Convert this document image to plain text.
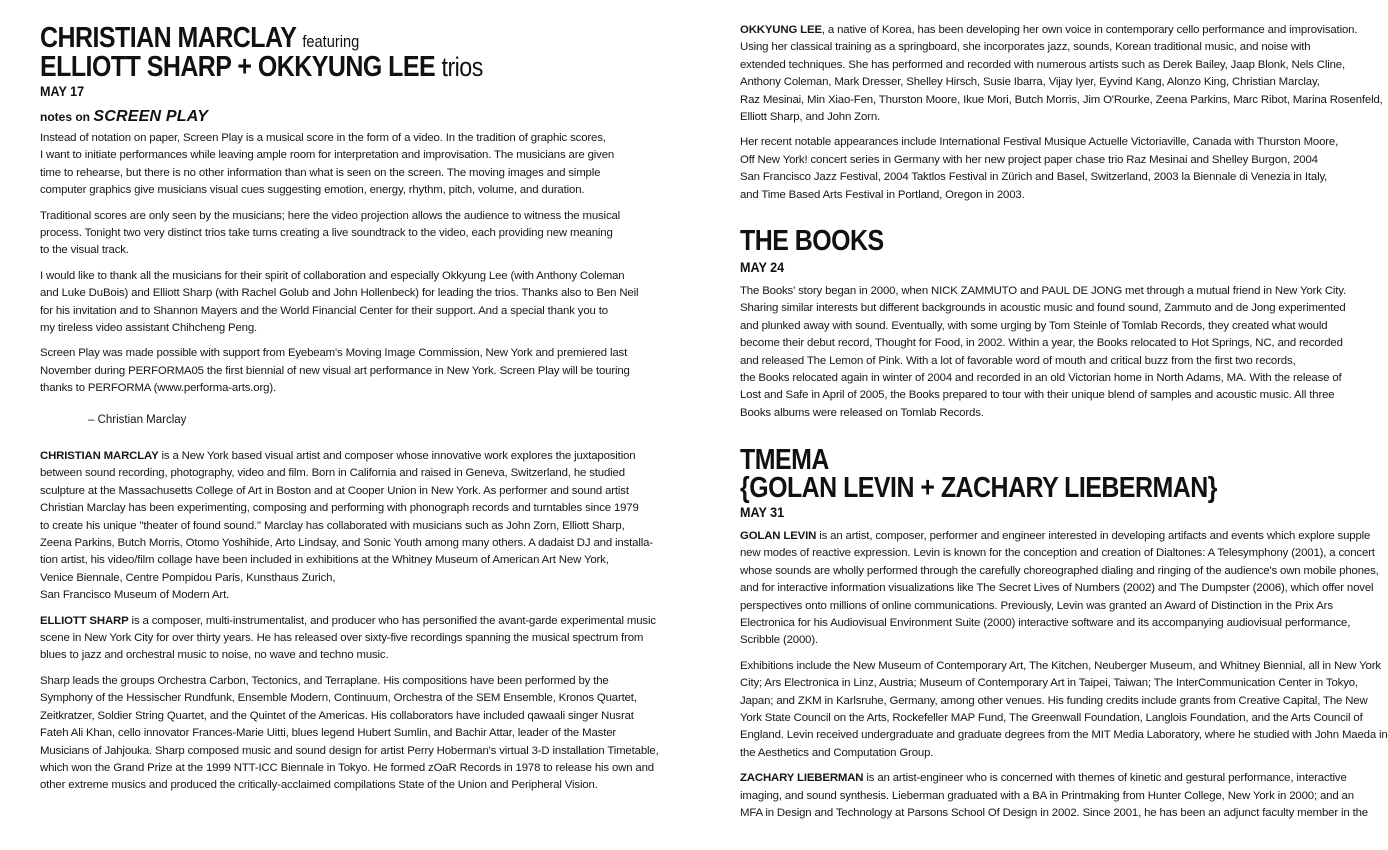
CHRISTIAN MARCLAY featuring
ELLIOTT SHARP + OKKYUNG LEE trios
MAY 17
notes on SCREEN PLAY
Instead of notation on paper, Screen Play is a musical score in the form of a video. In the tradition of graphic scores,
I want to initiate performances while leaving ample room for interpretation and improvisation. The musicians are given
time to rehearse, but there is no other information than what is seen on the screen. The moving images and simple
computer graphics give musicians visual cues suggesting emotion, energy, rhythm, pitch, volume, and duration.
Traditional scores are only seen by the musicians; here the video projection allows the audience to witness the musical
process. Tonight two very distinct trios take turns creating a live soundtrack to the video, each providing new meaning
to the visual track.
I would like to thank all the musicians for their spirit of collaboration and especially Okkyung Lee (with Anthony Coleman
and Luke DuBois) and Elliott Sharp (with Rachel Golub and John Hollenbeck) for leading the trios. Thanks also to Ben Neil
for his invitation and to Shannon Mayers and the World Financial Center for their support. And a special thank you to
my tireless video assistant Chihcheng Peng.
Screen Play was made possible with support from Eyebeam's Moving Image Commission, New York and premiered last
November during PERFORMA05 the first biennial of new visual art performance in New York. Screen Play will be touring
thanks to PERFORMA (www.performa-arts.org).
– Christian Marclay
CHRISTIAN MARCLAY is a New York based visual artist and composer whose innovative work explores the juxtaposition
between sound recording, photography, video and film. Born in California and raised in Geneva, Switzerland, he studied
sculpture at the Massachusetts College of Art in Boston and at Cooper Union in New York. As performer and sound artist
Christian Marclay has been experimenting, composing and performing with phonograph records and turntables since 1979
to create his unique "theater of found sound." Marclay has collaborated with musicians such as John Zorn, Elliott Sharp,
Zeena Parkins, Butch Morris, Otomo Yoshihide, Arto Lindsay, and Sonic Youth among many others. A dadaist DJ and installa-
tion artist, his video/film collage have been included in exhibitions at the Whitney Museum of American Art New York,
Venice Biennale, Centre Pompidou Paris, Kunsthaus Zurich,
San Francisco Museum of Modern Art.
ELLIOTT SHARP is a composer, multi-instrumentalist, and producer who has personified the avant-garde experimental music
scene in New York City for over thirty years. He has released over sixty-five recordings spanning the musical spectrum from
blues to jazz and orchestral music to noise, no wave and techno music.
Sharp leads the groups Orchestra Carbon, Tectonics, and Terraplane. His compositions have been performed by the
Symphony of the Hessischer Rundfunk, Ensemble Modern, Continuum, Orchestra of the SEM Ensemble, Kronos Quartet,
Zeitkratzer, Soldier String Quartet, and the Quintet of the Americas. His collaborators have included qawaali singer Nusrat
Fateh Ali Khan, cello innovator Frances-Marie Uitti, blues legend Hubert Sumlin, and Bachir Attar, leader of the Master
Musicians of Jahjouka. Sharp composed music and sound design for artist Perry Hoberman's virtual 3-D installation Timetable,
which won the Grand Prize at the 1999 NTT-ICC Biennale in Tokyo. He formed zOaR Records in 1978 to release his own and
other extreme musics and produced the critically-acclaimed compilations State of the Union and Peripheral Vision.
OKKYUNG LEE, a native of Korea, has been developing her own voice in contemporary cello performance and improvisation.
Using her classical training as a springboard, she incorporates jazz, sounds, Korean traditional music, and noise with
extended techniques. She has performed and recorded with numerous artists such as Derek Bailey, Jaap Blonk, Nels Cline,
Anthony Coleman, Mark Dresser, Shelley Hirsch, Susie Ibarra, Vijay Iyer, Eyvind Kang, Alonzo King, Christian Marclay,
Raz Mesinai, Min Xiao-Fen, Thurston Moore, Ikue Mori, Butch Morris, Jim O'Rourke, Zeena Parkins, Marc Ribot, Marina Rosenfeld,
Elliott Sharp, and John Zorn.
Her recent notable appearances include International Festival Musique Actuelle Victoriaville, Canada with Thurston Moore,
Off New York! concert series in Germany with her new project paper chase trio Raz Mesinai and Shelley Burgon, 2004
San Francisco Jazz Festival, 2004 Taktlos Festival in Zürich and Basel, Switzerland, 2003 la Biennale di Venezia in Italy,
and Time Based Arts Festival in Portland, Oregon in 2003.
THE BOOKS
MAY 24
The Books' story began in 2000, when NICK ZAMMUTO and PAUL DE JONG met through a mutual friend in New York City.
Sharing similar interests but different backgrounds in acoustic music and found sound, Zammuto and de Jong experimented
and plunked away with sound. Eventually, with some urging by Tom Steinle of Tomlab Records, they created what would
become their debut record, Thought for Food, in 2002. Within a year, the Books relocated to Hot Springs, NC, and recorded
and released The Lemon of Pink. With a lot of favorable word of mouth and critical buzz from the first two records,
the Books relocated again in winter of 2004 and recorded in an old Victorian home in North Adams, MA. With the release of
Lost and Safe in April of 2005, the Books prepared to tour with their unique blend of samples and acoustic music. All three
Books albums were released on Tomlab Records.
TMEMA
{GOLAN LEVIN + ZACHARY LIEBERMAN}
MAY 31
GOLAN LEVIN is an artist, composer, performer and engineer interested in developing artifacts and events which explore supple
new modes of reactive expression. Levin is known for the conception and creation of Dialtones: A Telesymphony (2001), a concert
whose sounds are wholly performed through the carefully choreographed dialing and ringing of the audience's own mobile phones,
and for interactive information visualizations like The Secret Lives of Numbers (2002) and The Dumpster (2006), which offer novel
perspectives onto millions of online communications. Previously, Levin was granted an Award of Distinction in the Prix Ars
Electronica for his Audiovisual Environment Suite (2000) interactive software and its accompanying audiovisual performance,
Scribble (2000).
Exhibitions include the New Museum of Contemporary Art, The Kitchen, Neuberger Museum, and Whitney Biennial, all in New York
City; Ars Electronica in Linz, Austria; Museum of Contemporary Art in Taipei, Taiwan; The InterCommunication Center in Tokyo,
Japan; and ZKM in Karlsruhe, Germany, among other venues. His funding credits include grants from Creative Capital, The New
York State Council on the Arts, Rockefeller MAP Fund, The Greenwall Foundation, Langlois Foundation, and the Arts Council of
England. Levin received undergraduate and graduate degrees from the MIT Media Laboratory, where he studied with John Maeda in
the Aesthetics and Computation Group.
ZACHARY LIEBERMAN is an artist-engineer who is concerned with themes of kinetic and gestural performance, interactive
imaging, and sound synthesis. Lieberman graduated with a BA in Printmaking from Hunter College, New York in 2000; and an
MFA in Design and Technology at Parsons School Of Design in 2002. Since 2001, he has been an adjunct faculty member in the
